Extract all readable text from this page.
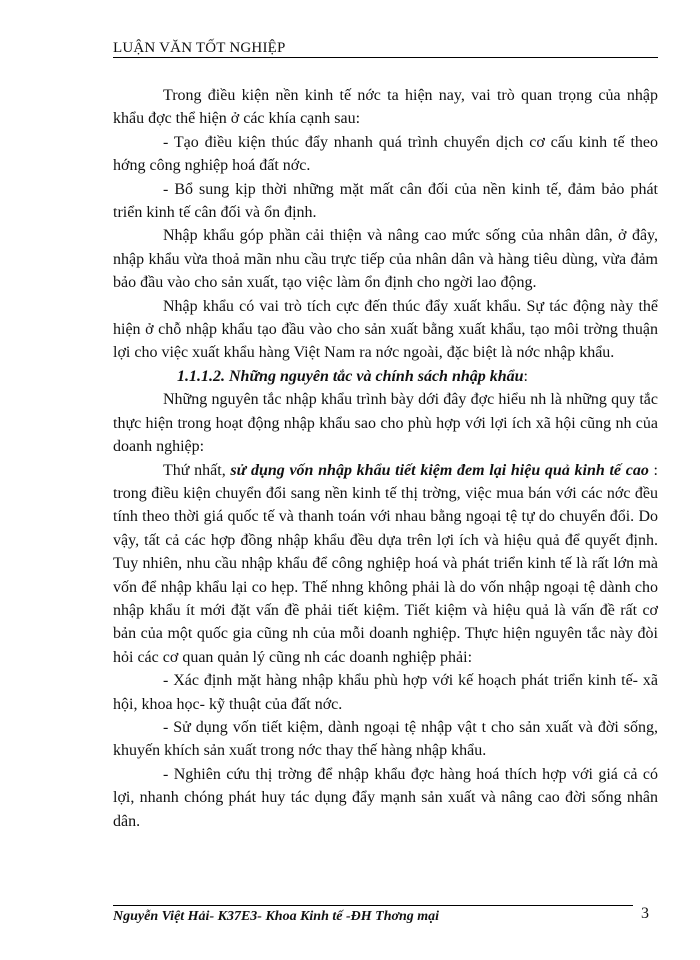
LUẬN VĂN TỐT NGHIỆP

Trong điều kiện nền kinh tế nớc ta hiện nay, vai trò quan trọng của nhập khẩu đợc thể hiện ở các khía cạnh sau:

- Tạo điều kiện thúc đẩy nhanh quá trình chuyển dịch cơ cấu kinh tế theo hớng công nghiệp hoá đất nớc.

- Bổ sung kịp thời những mặt mất cân đối của nền kinh tế, đảm bảo phát triển kinh tế cân đối và ổn định.

Nhập khẩu góp phần cải thiện và nâng cao mức sống của nhân dân, ở đây, nhập khẩu vừa thoả mãn nhu cầu trực tiếp của nhân dân và hàng tiêu dùng, vừa đảm bảo đầu vào cho sản xuất, tạo việc làm ổn định cho ngời lao động.

Nhập khẩu có vai trò tích cực đến thúc đẩy xuất khẩu. Sự tác động này thể hiện ở chỗ nhập khẩu tạo đầu vào cho sản xuất bằng xuất khẩu, tạo môi trờng thuận lợi cho việc xuất khẩu hàng Việt Nam ra nớc ngoài, đặc biệt là nớc nhập khẩu.

1.1.1.2. Những nguyên tắc và chính sách nhập khẩu:

Những nguyên tắc nhập khẩu trình bày dới đây đợc hiểu nh là những quy tắc thực hiện trong hoạt động nhập khẩu sao cho phù hợp với lợi ích xã hội cũng nh của doanh nghiệp:

Thứ nhất, sử dụng vốn nhập khẩu tiết kiệm đem lại hiệu quả kinh tế cao : trong điều kiện chuyển đổi sang nền kinh tế thị trờng, việc mua bán với các nớc đều tính theo thời giá quốc tế và thanh toán với nhau bằng ngoại tệ tự do chuyển đổi. Do vậy, tất cả các hợp đồng nhập khẩu đều dựa trên lợi ích và hiệu quả để quyết định. Tuy nhiên, nhu cầu nhập khẩu để công nghiệp hoá và phát triển kinh tế là rất lớn mà vốn để nhập khẩu lại co hẹp. Thế nhng không phải là do vốn nhập ngoại tệ dành cho nhập khẩu ít mới đặt vấn đề phải tiết kiệm. Tiết kiệm và hiệu quả là vấn đề rất cơ bản của một quốc gia cũng nh của mỗi doanh nghiệp. Thực hiện nguyên tắc này đòi hỏi các cơ quan quản lý cũng nh các doanh nghiệp phải:

- Xác định mặt hàng nhập khẩu phù hợp với kế hoạch phát triển kinh tế- xã hội, khoa học- kỹ thuật của đất nớc.

- Sử dụng vốn tiết kiệm, dành ngoại tệ nhập vật t cho sản xuất và đời sống, khuyến khích sản xuất trong nớc thay thế hàng nhập khẩu.

- Nghiên cứu thị trờng để nhập khẩu đợc hàng hoá thích hợp với giá cả có lợi, nhanh chóng phát huy tác dụng đẩy mạnh sản xuất và nâng cao đời sống nhân dân.

Nguyễn Việt Hải- K37E3- Khoa Kinh tế -ĐH Thơng mại	3
